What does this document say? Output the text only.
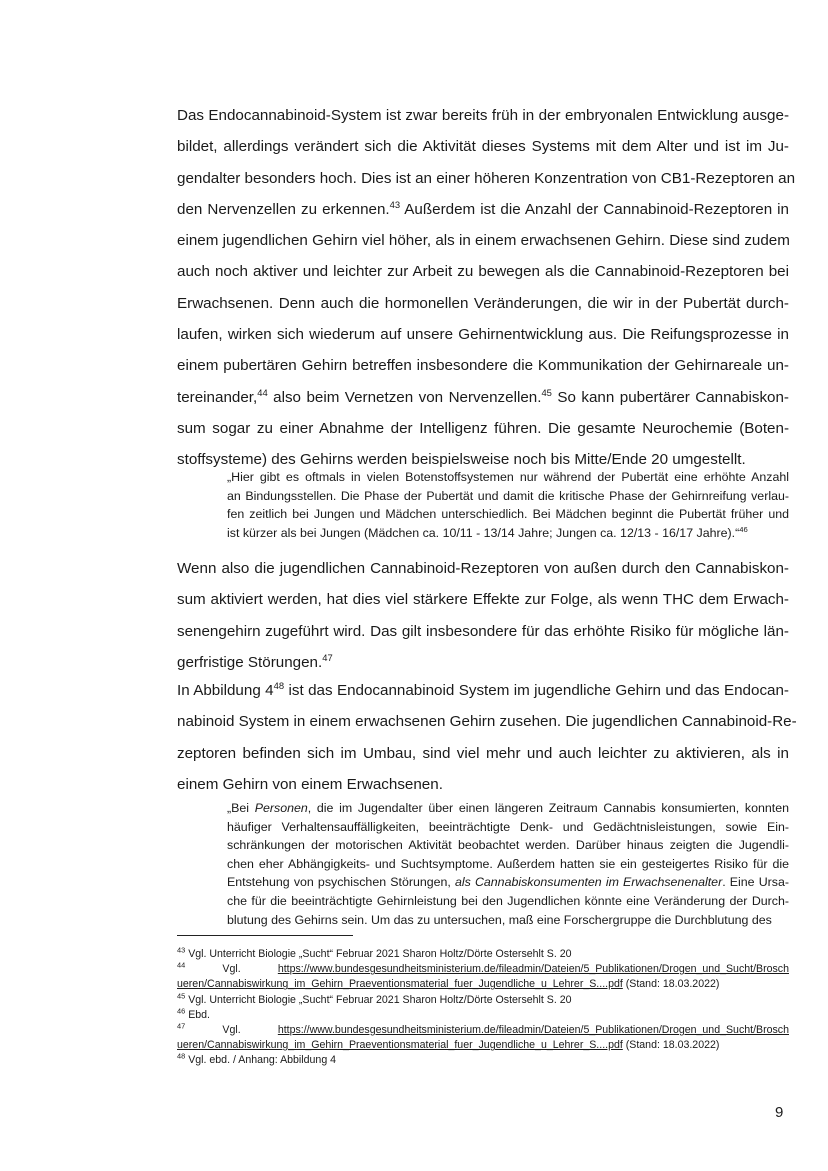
Das Endocannabinoid-System ist zwar bereits früh in der embryonalen Entwicklung ausge-
bildet, allerdings verändert sich die Aktivität dieses Systems mit dem Alter und ist im Ju-
gendalter besonders hoch. Dies ist an einer höheren Konzentration von CB1-Rezeptoren an
den Nervenzellen zu erkennen.$^{43}$ Außerdem ist die Anzahl der Cannabinoid-Rezeptoren in
einem jugendlichen Gehirn viel höher, als in einem erwachsenen Gehirn. Diese sind zudem
auch noch aktiver und leichter zur Arbeit zu bewegen als die Cannabinoid-Rezeptoren bei
Erwachsenen. Denn auch die hormonellen Veränderungen, die wir in der Pubertät durch-
laufen, wirken sich wiederum auf unsere Gehirnentwicklung aus. Die Reifungsprozesse in
einem pubertären Gehirn betreffen insbesondere die Kommunikation der Gehirnareale un-
tereinander,$^{44}$ also beim Vernetzen von Nervenzellen.$^{45}$ So kann pubertärer Cannabiskon-
sum sogar zu einer Abnahme der Intelligenz führen. Die gesamte Neurochemie (Boten-
stoffsysteme) des Gehirns werden beispielsweise noch bis Mitte/Ende 20 umgestellt.
„Hier gibt es oftmals in vielen Botenstoffsystemen nur während der Pubertät eine erhöhte Anzahl
an Bindungsstellen. Die Phase der Pubertät und damit die kritische Phase der Gehirnreifung verlau-
fen zeitlich bei Jungen und Mädchen unterschiedlich. Bei Mädchen beginnt die Pubertät früher und
ist kürzer als bei Jungen (Mädchen ca. 10/11 - 13/14 Jahre; Jungen ca. 12/13 - 16/17 Jahre).“$^{46}$
Wenn also die jugendlichen Cannabinoid-Rezeptoren von außen durch den Cannabiskon-
sum aktiviert werden, hat dies viel stärkere Effekte zur Folge, als wenn THC dem Erwach-
senengehirn zugeführt wird. Das gilt insbesondere für das erhöhte Risiko für mögliche län-
gerfristige Störungen.$^{47}$
In Abbildung $4^{48}$ ist das Endocannabinoid System im jugendliche Gehirn und das Endocan-
nabinoid System in einem erwachsenen Gehirn zusehen. Die jugendlichen Cannabinoid-Re-
zeptoren befinden sich im Umbau, sind viel mehr und auch leichter zu aktivieren, als in
einem Gehirn von einem Erwachsenen.
„Bei Personen, die im Jugendalter über einen längeren Zeitraum Cannabis konsumierten, konnten
häufiger Verhaltensauffälligkeiten, beeinträchtigte Denk- und Gedächtnisleistungen, sowie Ein-
schränkungen der motorischen Aktivität beobachtet werden. Darüber hinaus zeigten die Jugendli-
chen eher Abhängigkeits- und Suchtsymptome. Außerdem hatten sie ein gesteigertes Risiko für die
Entstehung von psychischen Störungen, als Cannabiskonsumenten im Erwachsenenalter. Eine Ursa-
che für die beeinträchtigte Gehirnleistung bei den Jugendlichen könnte eine Veränderung der Durch-
blutung des Gehirns sein. Um das zu untersuchen, maß eine Forschergruppe die Durchblutung des
$^{43}$ Vgl. Unterricht Biologie „Sucht“ Februar 2021 Sharon Holtz/Dörte Ostersehlt S. 20
$^{44}$ Vgl. https://www.bundesgesundheitsministerium.de/fileadmin/Dateien/5_Publikationen/Drogen_und_Sucht/Brosch
ueren/Cannabiswirkung_im_Gehirn_Praeventionsmaterial_fuer_Jugendliche_u_Lehrer_S....pdf (Stand: 18.03.2022)
$^{45}$ Vgl. Unterricht Biologie „Sucht“ Februar 2021 Sharon Holtz/Dörte Ostersehlt S. 20
$^{46}$ Ebd.
$^{47}$ Vgl. https://www.bundesgesundheitsministerium.de/fileadmin/Dateien/5_Publikationen/Drogen_und_Sucht/Brosch
ueren/Cannabiswirkung_im_Gehirn_Praeventionsmaterial_fuer_Jugendliche_u_Lehrer_S....pdf (Stand: 18.03.2022)
$^{48}$ Vgl. ebd. / Anhang: Abbildung 4
9
